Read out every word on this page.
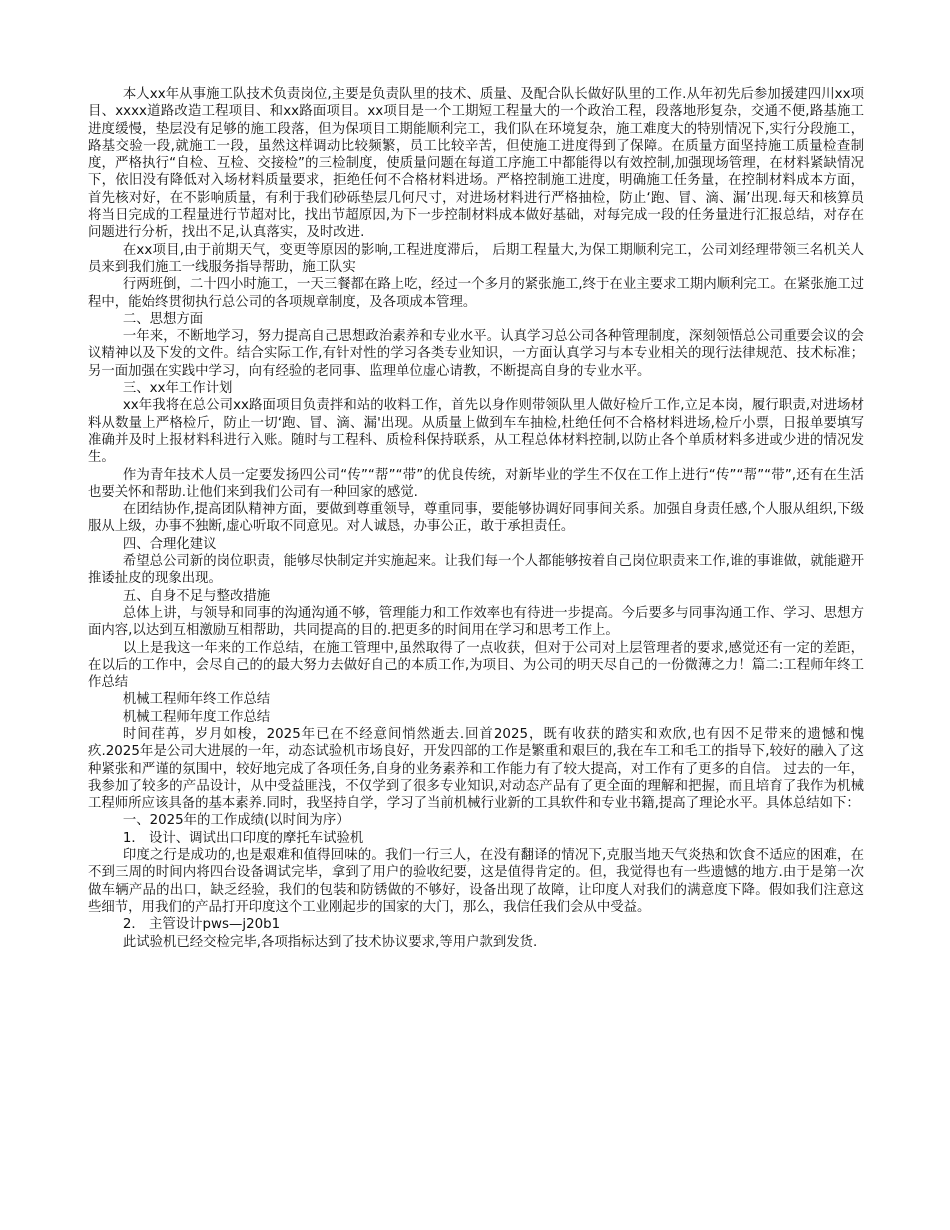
本人xx年从事施工队技术负责岗位,主要是负责队里的技术、质量、及配合队长做好队里的工作.从年初先后参加援建四川xx项目、xxxx道路改造工程项目、和xx路面项目。xx项目是一个工期短工程量大的一个政治工程，段落地形复杂，交通不便,路基施工进度缓慢，垫层没有足够的施工段落，但为保项目工期能顺利完工，我们队在环境复杂，施工难度大的特别情况下,实行分段施工，路基交验一段,就施工一段，虽然这样调动比较频繁，员工比较辛苦，但使施工进度得到了保障。在质量方面坚持施工质量检查制度，严格执行“自检、互检、交接检”的三检制度，使质量问题在每道工序施工中都能得以有效控制,加强现场管理，在材料紧缺情况下，依旧没有降低对入场材料质量要求，拒绝任何不合格材料进场。严格控制施工进度，明确施工任务量，在控制材料成本方面，首先核对好，在不影响质量，有利于我们砂砾垫层几何尺寸，对进场材料进行严格抽检，防止‘跑、冒、滴、漏’出现.每天和核算员将当日完成的工程量进行节超对比，找出节超原因,为下一步控制材料成本做好基础，对每完成一段的任务量进行汇报总结，对存在问题进行分析，找出不足,认真落实，及时改进.

在xx项目,由于前期天气，变更等原因的影响,工程进度滞后， 后期工程量大,为保工期顺利完工，公司刘经理带领三名机关人员来到我们施工一线服务指导帮助，施工队实

行两班倒，二十四小时施工，一天三餐都在路上吃，经过一个多月的紧张施工,终于在业主要求工期内顺利完工。在紧张施工过程中，能始终贯彻执行总公司的各项规章制度，及各项成本管理。

二、思想方面

一年来，不断地学习，努力提高自己思想政治素养和专业水平。认真学习总公司各种管理制度，深刻领悟总公司重要会议的会议精神以及下发的文件。结合实际工作,有针对性的学习各类专业知识，一方面认真学习与本专业相关的现行法律规范、技术标准；另一面加强在实践中学习，向有经验的老同事、监理单位虚心请教，不断提高自身的专业水平。

三、xx年工作计划

xx年我将在总公司xx路面项目负责拌和站的收料工作，首先以身作则带领队里人做好检斤工作,立足本岗，履行职责,对进场材料从数量上严格检斤，防止一切‘跑、冒、滴、漏'出现。从质量上做到车车抽检,杜绝任何不合格材料进场,检斤小票，日报单要填写准确并及时上报材料科进行入账。随时与工程科、质检科保持联系，从工程总体材料控制,以防止各个单质材料多进或少进的情况发生。

作为青年技术人员一定要发扬四公司“传”“帮”“带”的优良传统，对新毕业的学生不仅在工作上进行“传”“帮”“带”,还有在生活也要关怀和帮助.让他们来到我们公司有一种回家的感觉.

在团结协作,提高团队精神方面，要做到尊重领导，尊重同事，要能够协调好同事间关系。加强自身责任感,个人服从组织,下级服从上级，办事不独断,虚心听取不同意见。对人诚恳，办事公正，敢于承担责任。

四、合理化建议

希望总公司新的岗位职责，能够尽快制定并实施起来。让我们每一个人都能够按着自己岗位职责来工作,谁的事谁做，就能避开推诿扯皮的现象出现。

五、自身不足与整改措施

总体上讲，与领导和同事的沟通沟通不够，管理能力和工作效率也有待进一步提高。今后要多与同事沟通工作、学习、思想方面内容,以达到互相激励互相帮助，共同提高的目的.把更多的时间用在学习和思考工作上。

以上是我这一年来的工作总结，在施工管理中,虽然取得了一点收获，但对于公司对上层管理者的要求,感觉还有一定的差距，在以后的工作中，会尽自己的的最大努力去做好自己的本质工作,为项目、为公司的明天尽自己的一份微薄之力！篇二:工程师年终工作总结

机械工程师年终工作总结

机械工程师年度工作总结

时间荏苒，岁月如梭，2025年已在不经意间悄然逝去.回首2025，既有收获的踏实和欢欣,也有因不足带来的遗憾和愧疚.2025年是公司大进展的一年，动态试验机市场良好，开发四部的工作是繁重和艰巨的,我在车工和毛工的指导下,较好的融入了这种紧张和严谨的氛围中，较好地完成了各项任务,自身的业务素养和工作能力有了较大提高，对工作有了更多的自信。 过去的一年，我参加了较多的产品设计，从中受益匪浅，不仅学到了很多专业知识,对动态产品有了更全面的理解和把握，而且培育了我作为机械工程师所应该具备的基本素养.同时，我坚持自学，学习了当前机械行业新的工具软件和专业书籍,提高了理论水平。具体总结如下：

一、2025年的工作成绩(以时间为序）

1． 设计、调试出口印度的摩托车试验机

印度之行是成功的,也是艰难和值得回味的。我们一行三人，在没有翻译的情况下,克服当地天气炎热和饮食不适应的困难，在不到三周的时间内将四台设备调试完毕，拿到了用户的验收纪要，这是值得肯定的。但，我觉得也有一些遗憾的地方.由于是第一次做车辆产品的出口，缺乏经验，我们的包装和防锈做的不够好，设备出现了故障，让印度人对我们的满意度下降。假如我们注意这些细节，用我们的产品打开印度这个工业刚起步的国家的大门，那么，我信任我们会从中受益。

2． 主管设计pws—j20b1

此试验机已经交检完毕,各项指标达到了技术协议要求,等用户款到发货.
